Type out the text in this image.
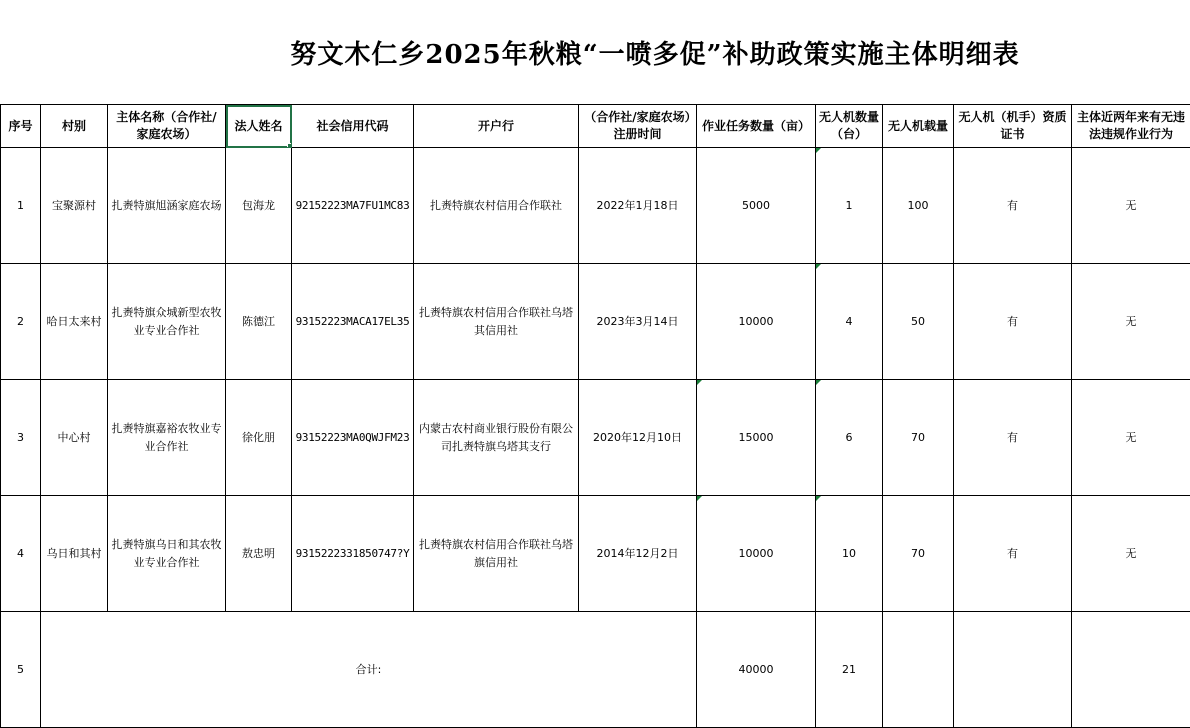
努文木仁乡2025年秋粮“一喷多促”补助政策实施主体明细表
序号	村别	主体名称（合作社/家庭农场）	法人姓名	社会信用代码	开户行	（合作社/家庭农场）注册时间	作业任务数量（亩）	无人机数量（台）	无人机载量	无人机（机手）资质证书	主体近两年来有无违法违规作业行为
1	宝聚源村	扎赉特旗旭涵家庭农场	包海龙	92152223MA7FU1MC83	扎赉特旗农村信用合作联社	2022年1月18日	5000	1	100	有	无
2	哈日太来村	扎赉特旗众城新型农牧业专业合作社	陈德江	93152223MACA17EL35	扎赉特旗农村信用合作联社乌塔其信用社	2023年3月14日	10000	4	50	有	无
3	中心村	扎赉特旗嘉裕农牧业专业合作社	徐化朋	93152223MA0QWJFM23	内蒙古农村商业银行股份有限公司扎赉特旗乌塔其支行	2020年12月10日	15000	6	70	有	无
4	乌日和其村	扎赉特旗乌日和其农牧业专业合作社	敖忠明	9315222331850747?Y	扎赉特旗农村信用合作联社乌塔旗信用社	2014年12月2日	10000	10	70	有	无
5	合计:						40000	21			
